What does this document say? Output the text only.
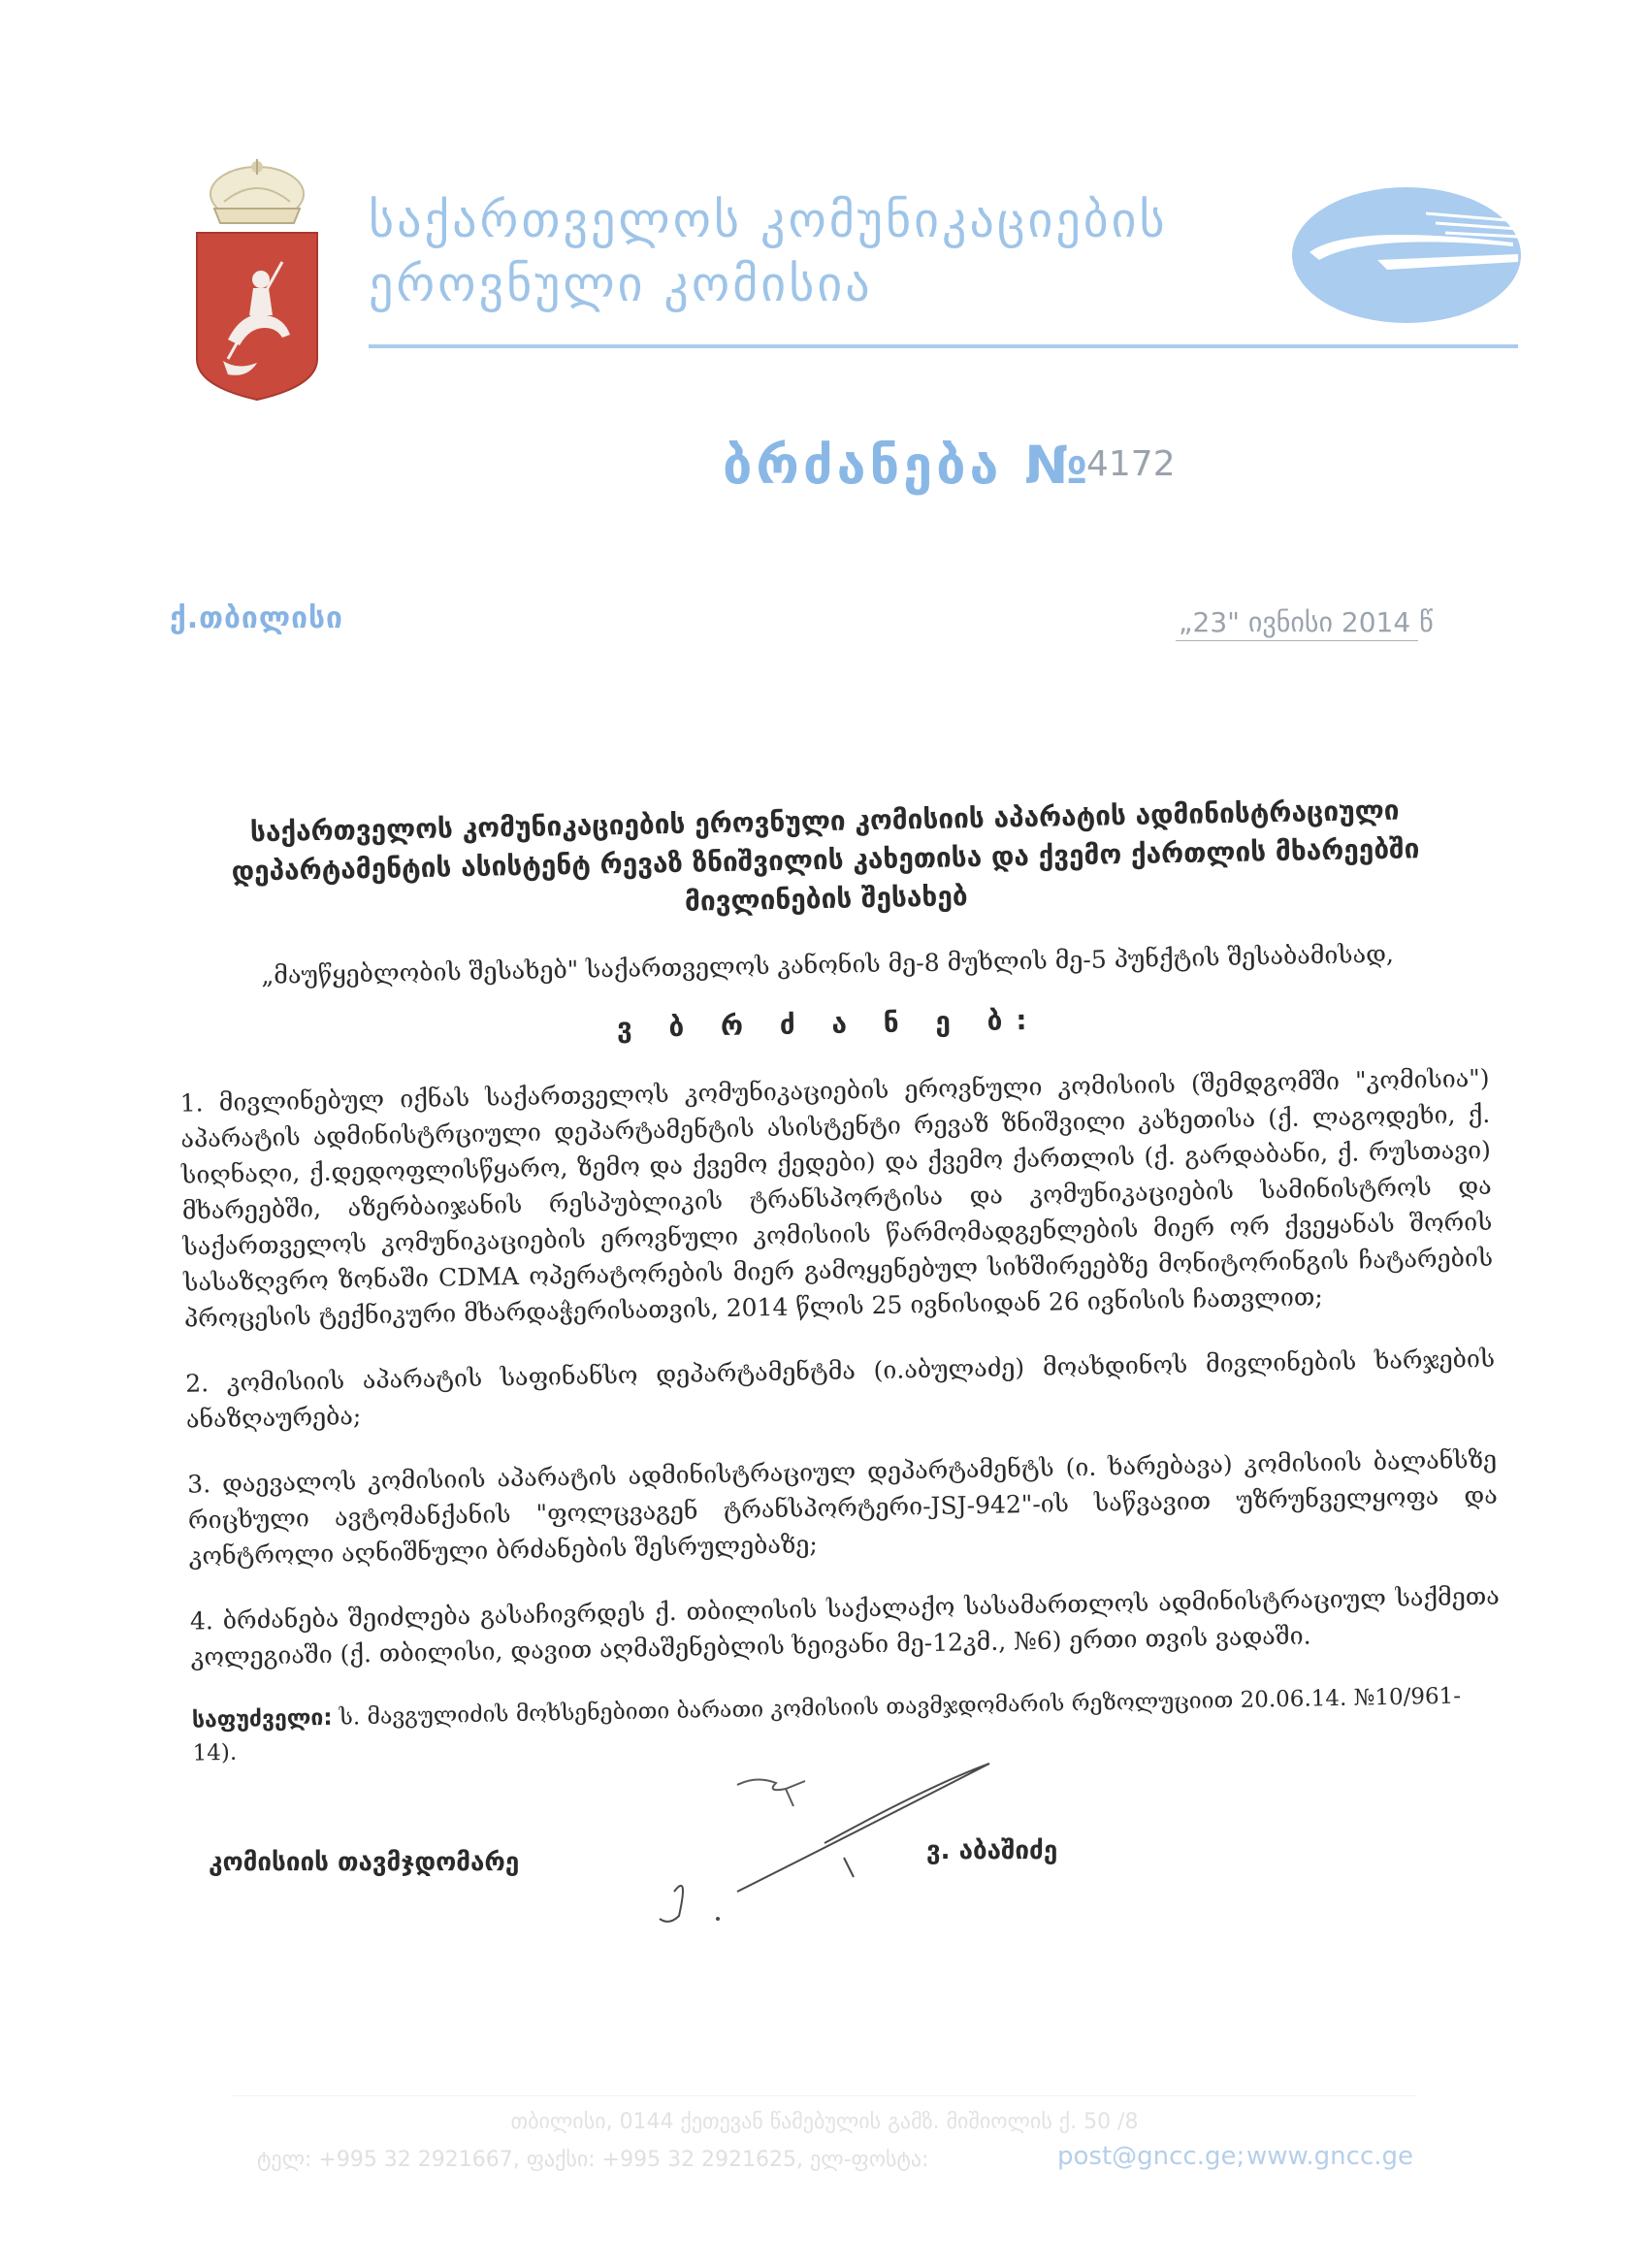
საქართველოს კომუნიკაციების
ეროვნული კომისია
ბრძანება №
4172
ქ.თბილისი	„23" ივნისი 2014 წ
საქართველოს კომუნიკაციების ეროვნული კომისიის აპარატის ადმინისტრაციული დეპარტამენტის ასისტენტ რევაზ ზნიშვილის კახეთისა და ქვემო ქართლის მხარეებში მივლინების შესახებ
„მაუწყებლობის შესახებ" საქართველოს კანონის მე-8 მუხლის მე-5 პუნქტის შესაბამისად,
ვ ბ რ ძ ა ნ ე ბ:
1. მივლინებულ იქნას საქართველოს კომუნიკაციების ეროვნული კომისიის (შემდგომში "კომისია") აპარატის ადმინისტრციული დეპარტამენტის ასისტენტი რევაზ ზნიშვილი კახეთისა (ქ. ლაგოდეხი, ქ. სიღნაღი, ქ.დედოფლისწყარო, ზემო და ქვემო ქედები) და ქვემო ქართლის (ქ. გარდაბანი, ქ. რუსთავი) მხარეებში, აზერბაიჯანის რესპუბლიკის ტრანსპორტისა და კომუნიკაციების სამინისტროს და საქართველოს კომუნიკაციების ეროვნული კომისიის წარმომადგენლების მიერ ორ ქვეყანას შორის სასაზღვრო ზონაში CDMA ოპერატორების მიერ გამოყენებულ სიხშირეებზე მონიტორინგის ჩატარების პროცესის ტექნიკური მხარდაჭერისათვის, 2014 წლის 25 ივნისიდან 26 ივნისის ჩათვლით;
2. კომისიის აპარატის საფინანსო დეპარტამენტმა (ი.აბულაძე) მოახდინოს მივლინების ხარჯების ანაზღაურება;
3. დაევალოს კომისიის აპარატის ადმინისტრაციულ დეპარტამენტს (ი. ხარებავა) კომისიის ბალანსზე რიცხული ავტომანქანის "ფოლცვაგენ ტრანსპორტერი-JSJ-942"-ის საწვავით უზრუნველყოფა და კონტროლი აღნიშნული ბრძანების შესრულებაზე;
4. ბრძანება შეიძლება გასაჩივრდეს ქ. თბილისის საქალაქო სასამართლოს ადმინისტრაციულ საქმეთა კოლეგიაში (ქ. თბილისი, დავით აღმაშენებლის ხეივანი მე-12კმ., №6) ერთი თვის ვადაში.
საფუძველი: ს. მავგულიძის მოხსენებითი ბარათი კომისიის თავმჯდომარის რეზოლუციით 20.06.14. №10/961-14).
კომისიის თავმჯდომარე	ვ. აბაშიძე
თბილისი, 0144 ქეთევან წამებულის გამზ. მიშიოლის ქ. 50 /8
ტელ: +995 32 2921667, ფაქსი: +995 32 2921625, ელ-ფოსტა:	post@gncc.ge; www.gncc.ge
